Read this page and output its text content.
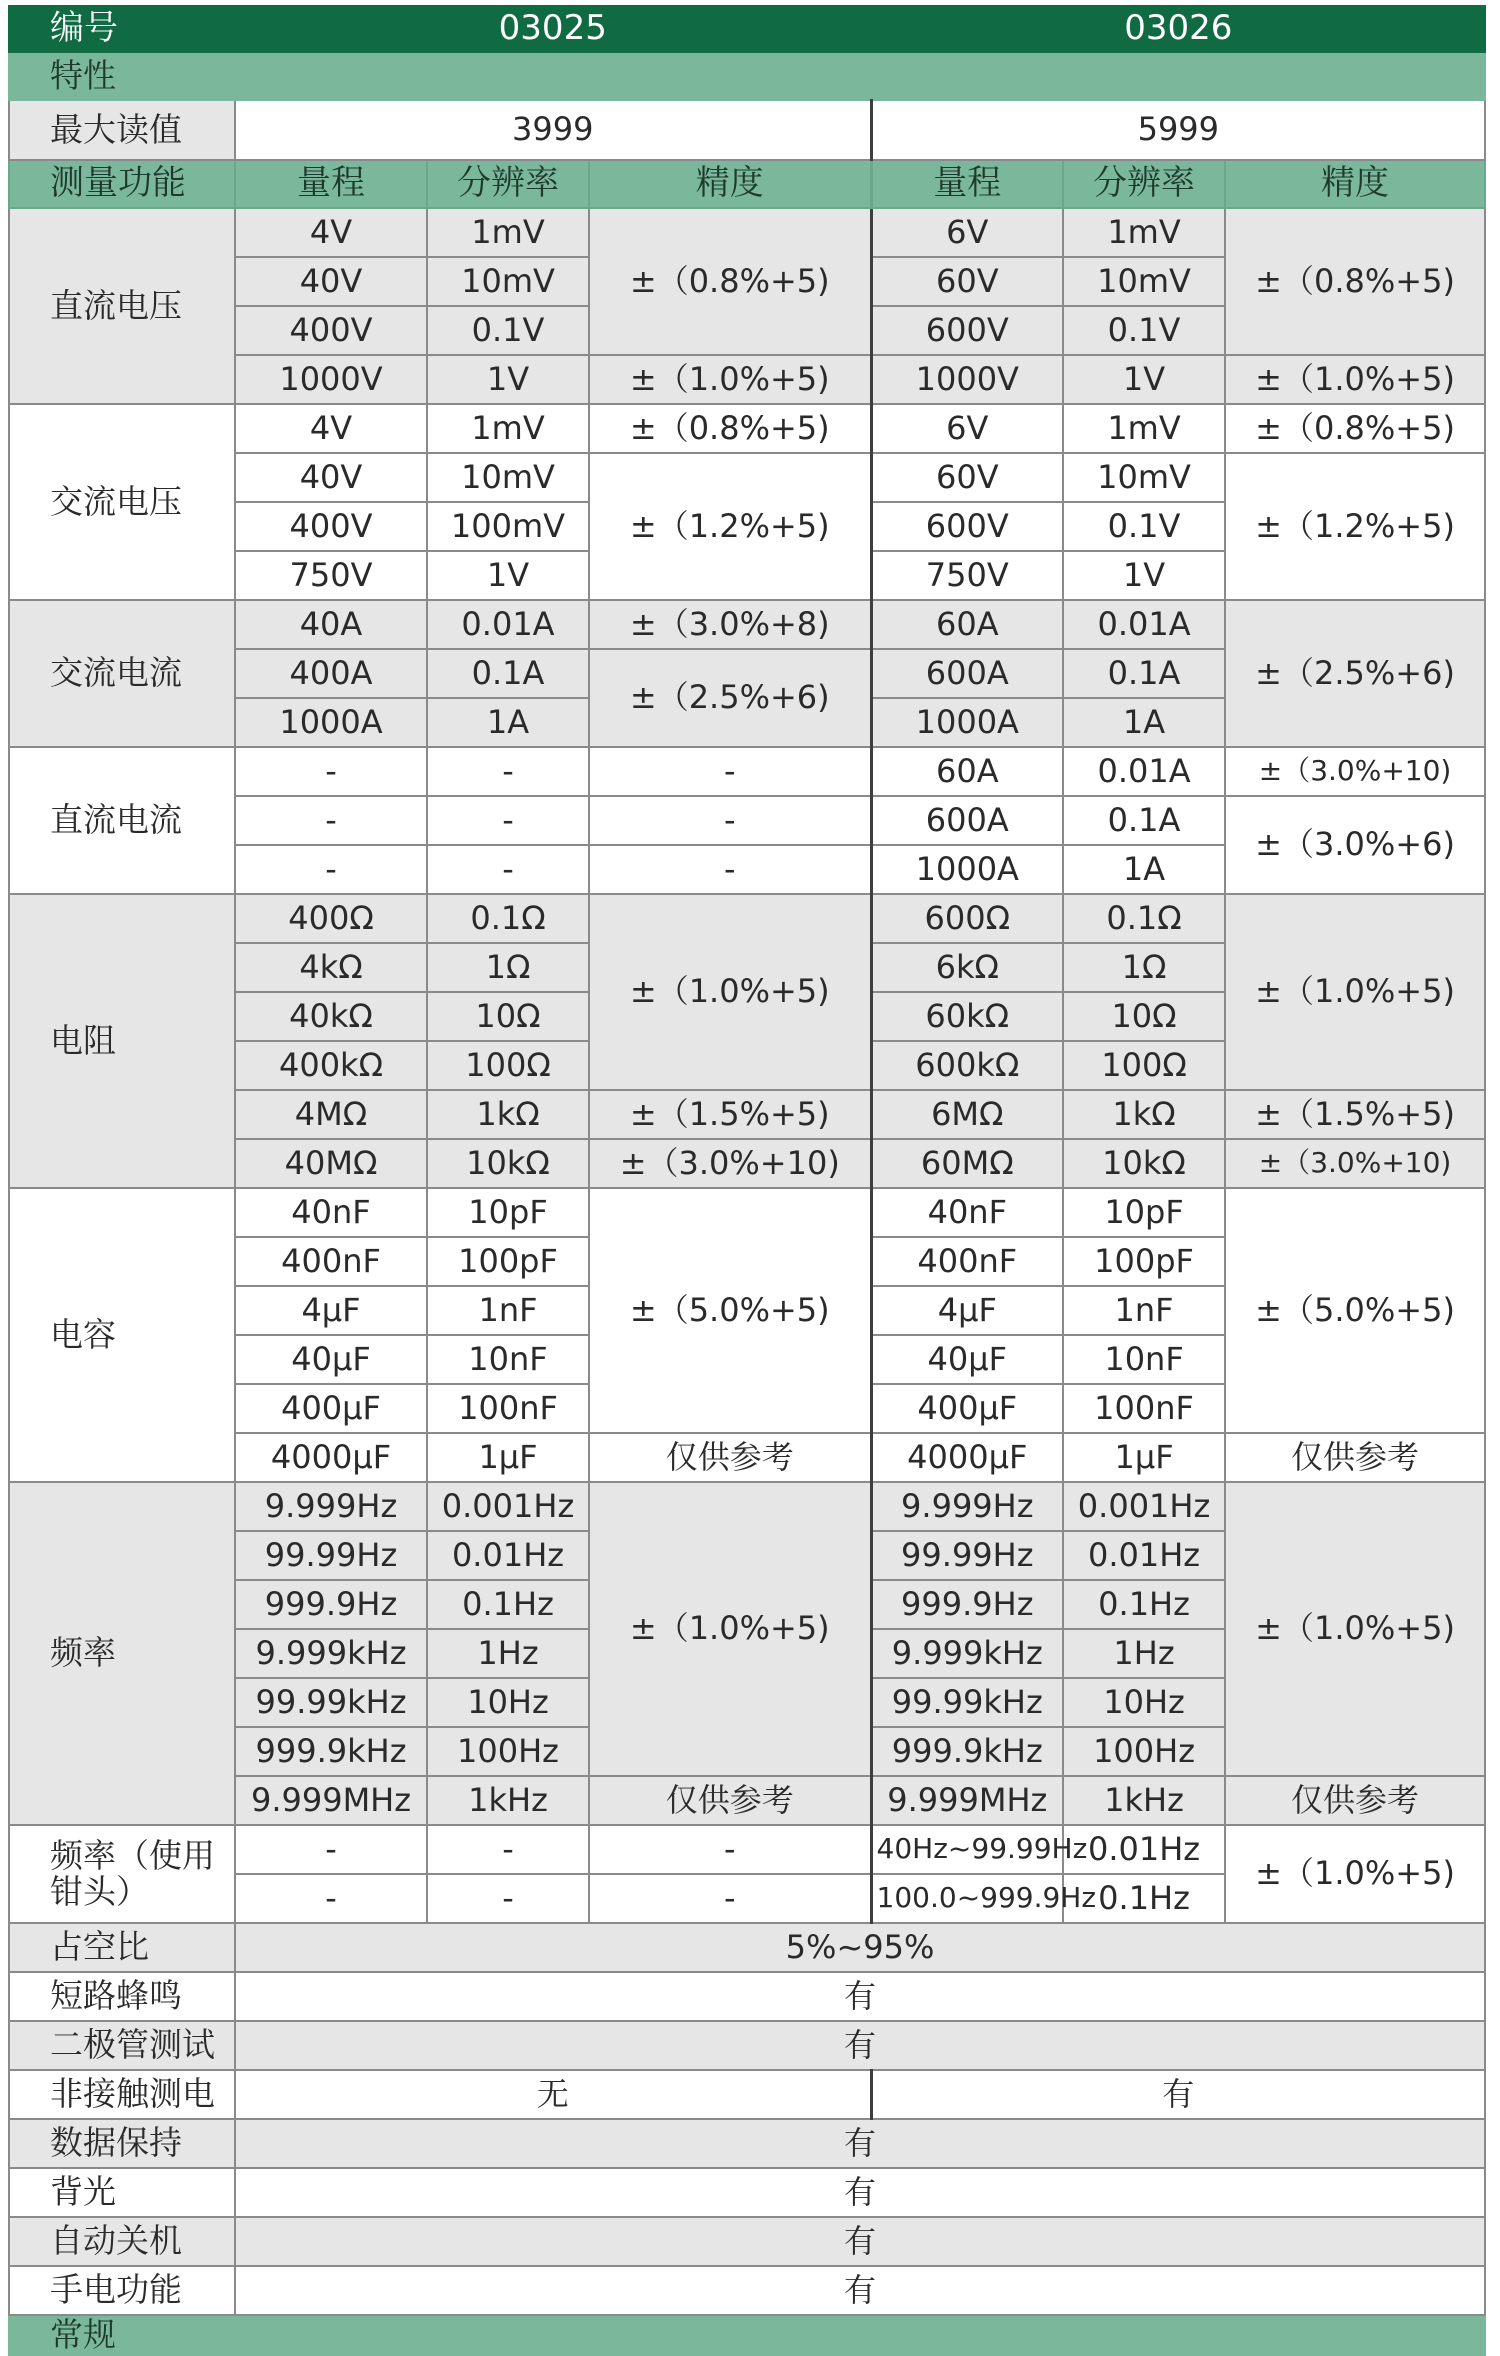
编号	03025			03026		
特性						
最大读值	3999			5999		
测量功能	量程	分辨率	精度	量程	分辨率	精度
直流电压	4V	1mV	±（0.8%+5)	6V	1mV	±（0.8%+5)
	40V	10mV		60V	10mV	
	400V	0.1V		600V	0.1V	
	1000V	1V	±（1.0%+5)	1000V	1V	±（1.0%+5)
交流电压	4V	1mV	±（0.8%+5)	6V	1mV	±（0.8%+5)
	40V	10mV	±（1.2%+5)	60V	10mV	±（1.2%+5)
	400V	100mV		600V	0.1V	
	750V	1V		750V	1V	
交流电流	40A	0.01A	±（3.0%+8)	60A	0.01A	±（2.5%+6)
	400A	0.1A	±（2.5%+6)	600A	0.1A	
	1000A	1A		1000A	1A	
直流电流	-	-	-	60A	0.01A	±（3.0%+10)
	-	-	-	600A	0.1A	±（3.0%+6)
	-	-	-	1000A	1A	
电阻	400Ω	0.1Ω	±（1.0%+5)	600Ω	0.1Ω	±（1.0%+5)
	4kΩ	1Ω		6kΩ	1Ω	
	40kΩ	10Ω		60kΩ	10Ω	
	400kΩ	100Ω		600kΩ	100Ω	
	4MΩ	1kΩ	±（1.5%+5)	6MΩ	1kΩ	±（1.5%+5)
	40MΩ	10kΩ	±（3.0%+10)	60MΩ	10kΩ	±（3.0%+10)
电容	40nF	10pF	±（5.0%+5)	40nF	10pF	±（5.0%+5)
	400nF	100pF		400nF	100pF	
	4μF	1nF		4μF	1nF	
	40μF	10nF		40μF	10nF	
	400μF	100nF		400μF	100nF	
	4000μF	1μF	仅供参考	4000μF	1μF	仅供参考
频率	9.999Hz	0.001Hz	±（1.0%+5)	9.999Hz	0.001Hz	±（1.0%+5)
	99.99Hz	0.01Hz		99.99Hz	0.01Hz	
	999.9Hz	0.1Hz		999.9Hz	0.1Hz	
	9.999kHz	1Hz		9.999kHz	1Hz	
	99.99kHz	10Hz		99.99kHz	10Hz	
	999.9kHz	100Hz		999.9kHz	100Hz	
	9.999MHz	1kHz	仅供参考	9.999MHz	1kHz	仅供参考
频率（使用钳头）	-	-	-	40Hz~99.99Hz	0.01Hz	±（1.0%+5)
	-	-	-	100.0~999.9Hz	0.1Hz	
占空比	5%~95%					
短路蜂鸣	有					
二极管测试	有					
非接触测电	无			有		
数据保持	有					
背光	有					
自动关机	有					
手电功能	有					
常规						
